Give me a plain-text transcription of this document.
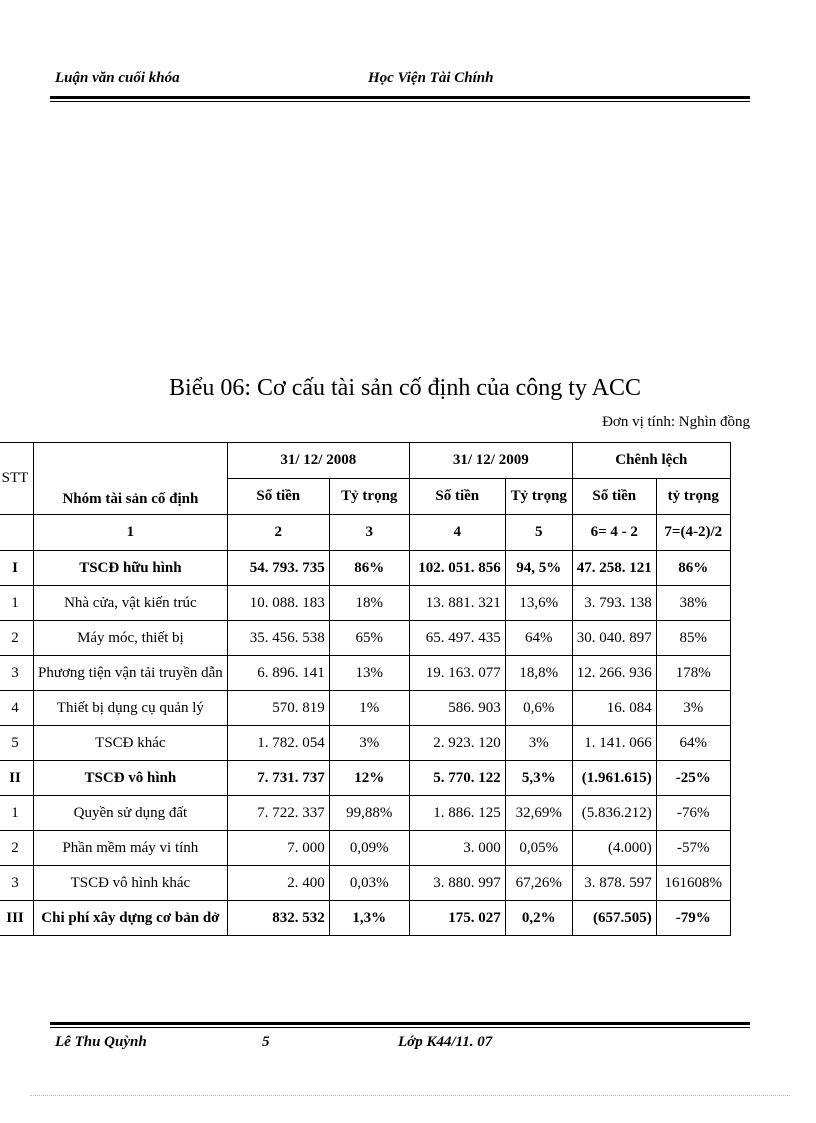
Luận văn cuối khóa	Học Viện Tài Chính
Biểu 06: Cơ cấu tài sản cố định của công ty ACC
Đơn vị tính: Nghìn đồng
STT	Nhóm tài sản cố định	31/ 12/ 2008		31/ 12/ 2009		Chênh lệch	
		Số tiền	Tỷ trọng	Số tiền	Tỷ trọng	Số tiền	tỷ trọng
	1	2	3	4	5	6= 4 - 2	7=(4-2)/2
I	TSCĐ hữu hình	54. 793. 735	86%	102. 051. 856	94, 5%	47. 258. 121	86%
1	Nhà cửa, vật kiến trúc	10. 088. 183	18%	13. 881. 321	13,6%	3. 793. 138	38%
2	Máy móc, thiết bị	35. 456. 538	65%	65. 497. 435	64%	30. 040. 897	85%
3	Phương tiện vận tải truyền dẫn	6. 896. 141	13%	19. 163. 077	18,8%	12. 266. 936	178%
4	Thiết bị dụng cụ quản lý	570. 819	1%	586. 903	0,6%	16. 084	3%
5	TSCĐ khác	1. 782. 054	3%	2. 923. 120	3%	1. 141. 066	64%
II	TSCĐ vô hình	7. 731. 737	12%	5. 770. 122	5,3%	(1.961.615)	-25%
1	Quyền sử dụng đất	7. 722. 337	99,88%	1. 886. 125	32,69%	(5.836.212)	-76%
2	Phần mềm máy vi tính	7. 000	0,09%	3. 000	0,05%	(4.000)	-57%
3	TSCĐ vô hình khác	2. 400	0,03%	3. 880. 997	67,26%	3. 878. 597	161608%
III	Chi phí xây dựng cơ bản dở	832. 532	1,3%	175. 027	0,2%	(657.505)	-79%
Lê Thu Quỳnh	5	Lớp K44/11. 07
